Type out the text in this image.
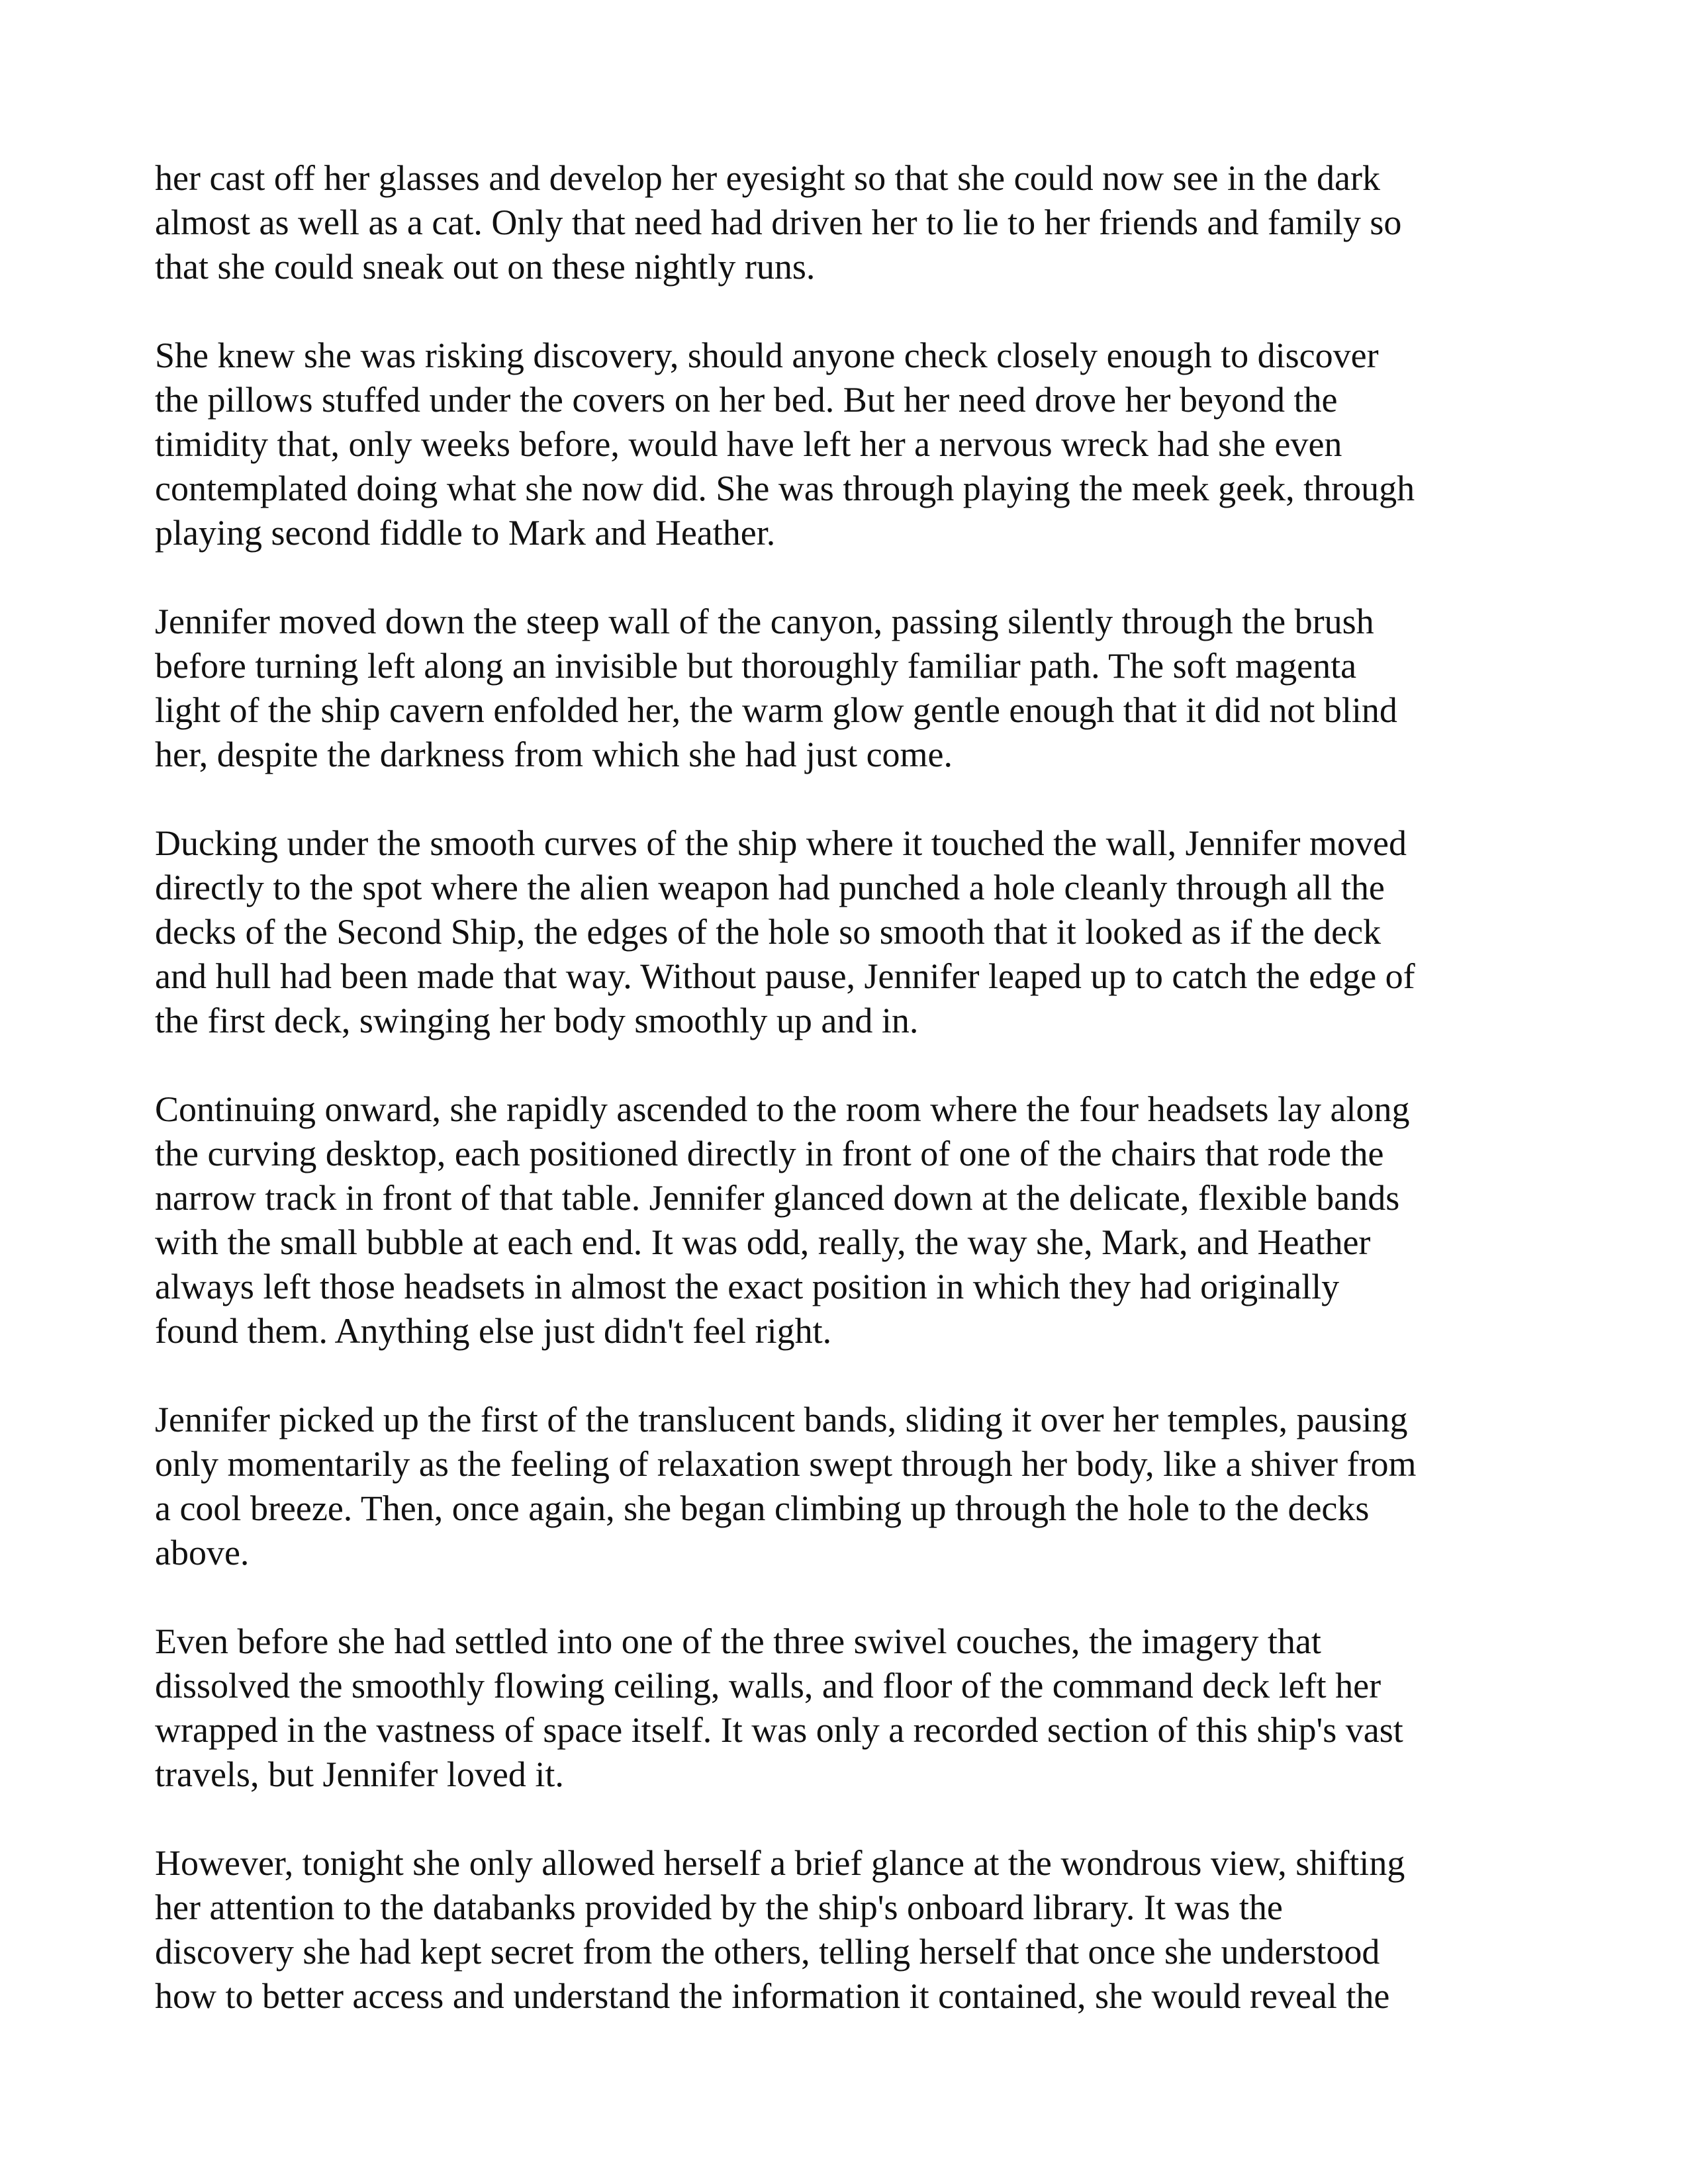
her cast off her glasses and develop her eyesight so that she could now see in the dark
almost as well as a cat. Only that need had driven her to lie to her friends and family so
that she could sneak out on these nightly runs.

She knew she was risking discovery, should anyone check closely enough to discover
the pillows stuffed under the covers on her bed. But her need drove her beyond the
timidity that, only weeks before, would have left her a nervous wreck had she even
contemplated doing what she now did. She was through playing the meek geek, through
playing second fiddle to Mark and Heather.

Jennifer moved down the steep wall of the canyon, passing silently through the brush
before turning left along an invisible but thoroughly familiar path. The soft magenta
light of the ship cavern enfolded her, the warm glow gentle enough that it did not blind
her, despite the darkness from which she had just come.

Ducking under the smooth curves of the ship where it touched the wall, Jennifer moved
directly to the spot where the alien weapon had punched a hole cleanly through all the
decks of the Second Ship, the edges of the hole so smooth that it looked as if the deck
and hull had been made that way. Without pause, Jennifer leaped up to catch the edge of
the first deck, swinging her body smoothly up and in.

Continuing onward, she rapidly ascended to the room where the four headsets lay along
the curving desktop, each positioned directly in front of one of the chairs that rode the
narrow track in front of that table. Jennifer glanced down at the delicate, flexible bands
with the small bubble at each end. It was odd, really, the way she, Mark, and Heather
always left those headsets in almost the exact position in which they had originally
found them. Anything else just didn't feel right.

Jennifer picked up the first of the translucent bands, sliding it over her temples, pausing
only momentarily as the feeling of relaxation swept through her body, like a shiver from
a cool breeze. Then, once again, she began climbing up through the hole to the decks
above.

Even before she had settled into one of the three swivel couches, the imagery that
dissolved the smoothly flowing ceiling, walls, and floor of the command deck left her
wrapped in the vastness of space itself. It was only a recorded section of this ship's vast
travels, but Jennifer loved it.

However, tonight she only allowed herself a brief glance at the wondrous view, shifting
her attention to the databanks provided by the ship's onboard library. It was the
discovery she had kept secret from the others, telling herself that once she understood
how to better access and understand the information it contained, she would reveal the
